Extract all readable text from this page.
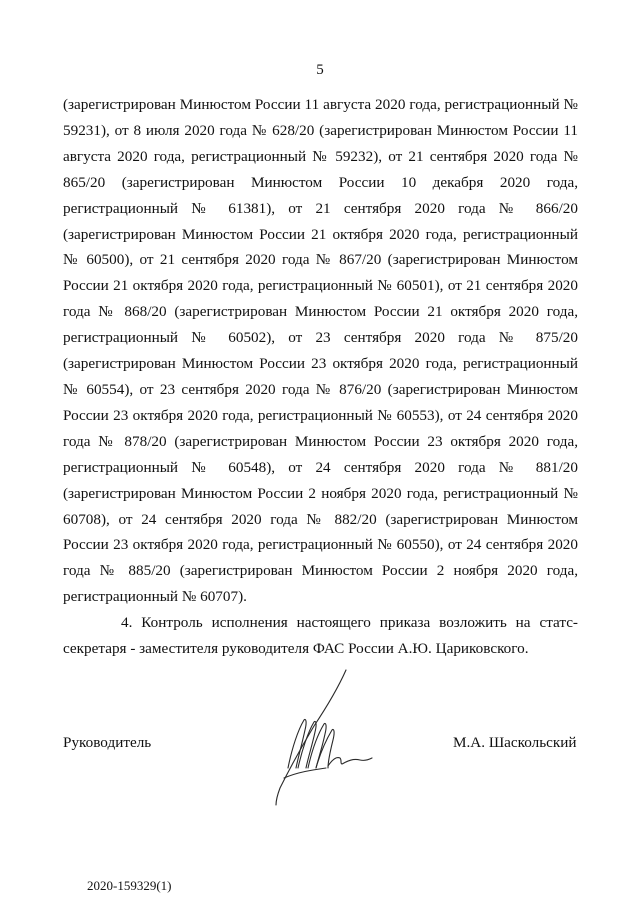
5

(зарегистрирован Минюстом России 11 августа 2020 года, регистрационный № 59231), от 8 июля 2020 года № 628/20 (зарегистрирован Минюстом России 11 августа 2020 года, регистрационный № 59232), от 21 сентября 2020 года № 865/20 (зарегистрирован Минюстом России 10 декабря 2020 года, регистрационный № 61381), от 21 сентября 2020 года № 866/20 (зарегистрирован Минюстом России 21 октября 2020 года, регистрационный № 60500), от 21 сентября 2020 года № 867/20 (зарегистрирован Минюстом России 21 октября 2020 года, регистрационный № 60501), от 21 сентября 2020 года № 868/20 (зарегистрирован Минюстом России 21 октября 2020 года, регистрационный № 60502), от 23 сентября 2020 года № 875/20 (зарегистрирован Минюстом России 23 октября 2020 года, регистрационный № 60554), от 23 сентября 2020 года № 876/20 (зарегистрирован Минюстом России 23 октября 2020 года, регистрационный № 60553), от 24 сентября 2020 года № 878/20 (зарегистрирован Минюстом России 23 октября 2020 года, регистрационный № 60548), от 24 сентября 2020 года № 881/20 (зарегистрирован Минюстом России 2 ноября 2020 года, регистрационный № 60708), от 24 сентября 2020 года № 882/20 (зарегистрирован Минюстом России 23 октября 2020 года, регистрационный № 60550), от 24 сентября 2020 года № 885/20 (зарегистрирован Минюстом России 2 ноября 2020 года, регистрационный № 60707).

4. Контроль исполнения настоящего приказа возложить на статс-секретаря - заместителя руководителя ФАС России А.Ю. Цариковского.

Руководитель	М.А. Шаскольский
2020-159329(1)
